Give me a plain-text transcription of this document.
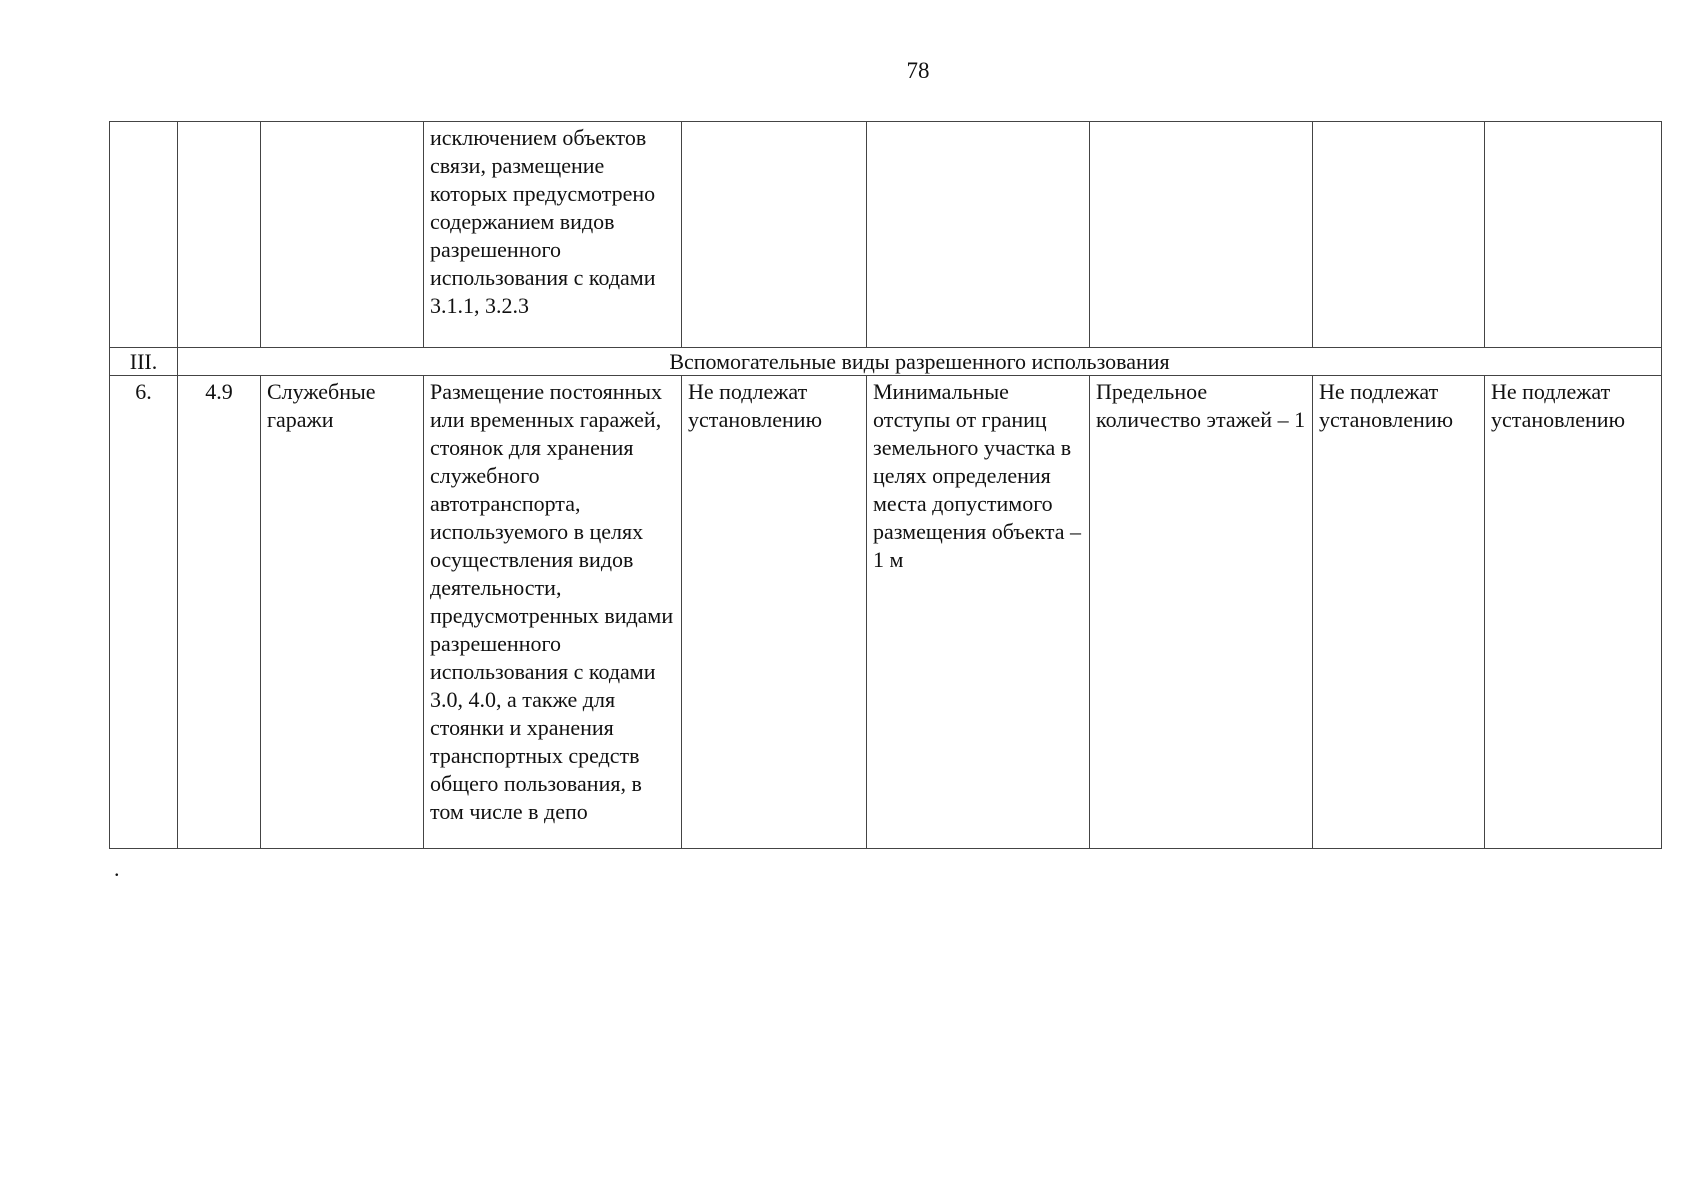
78
			исключением объектов связи, размещение которых предусмотрено содержанием видов разрешенного использования с кодами 3.1.1, 3.2.3					
III.	Вспомогательные виды разрешенного использования							
6.	4.9	Служебные гаражи	Размещение постоянных или временных гаражей, стоянок для хранения служебного автотранспорта, используемого в целях осуществления видов деятельности, предусмотренных видами разрешенного использования с кодами 3.0, 4.0, а также для стоянки и хранения транспортных средств общего пользования, в том числе в депо	Не подлежат установлению	Минимальные отступы от границ земельного участка в целях определения места допустимого размещения объекта – 1 м	Предельное количество этажей – 1	Не подлежат установлению	Не подлежат установлению
.
